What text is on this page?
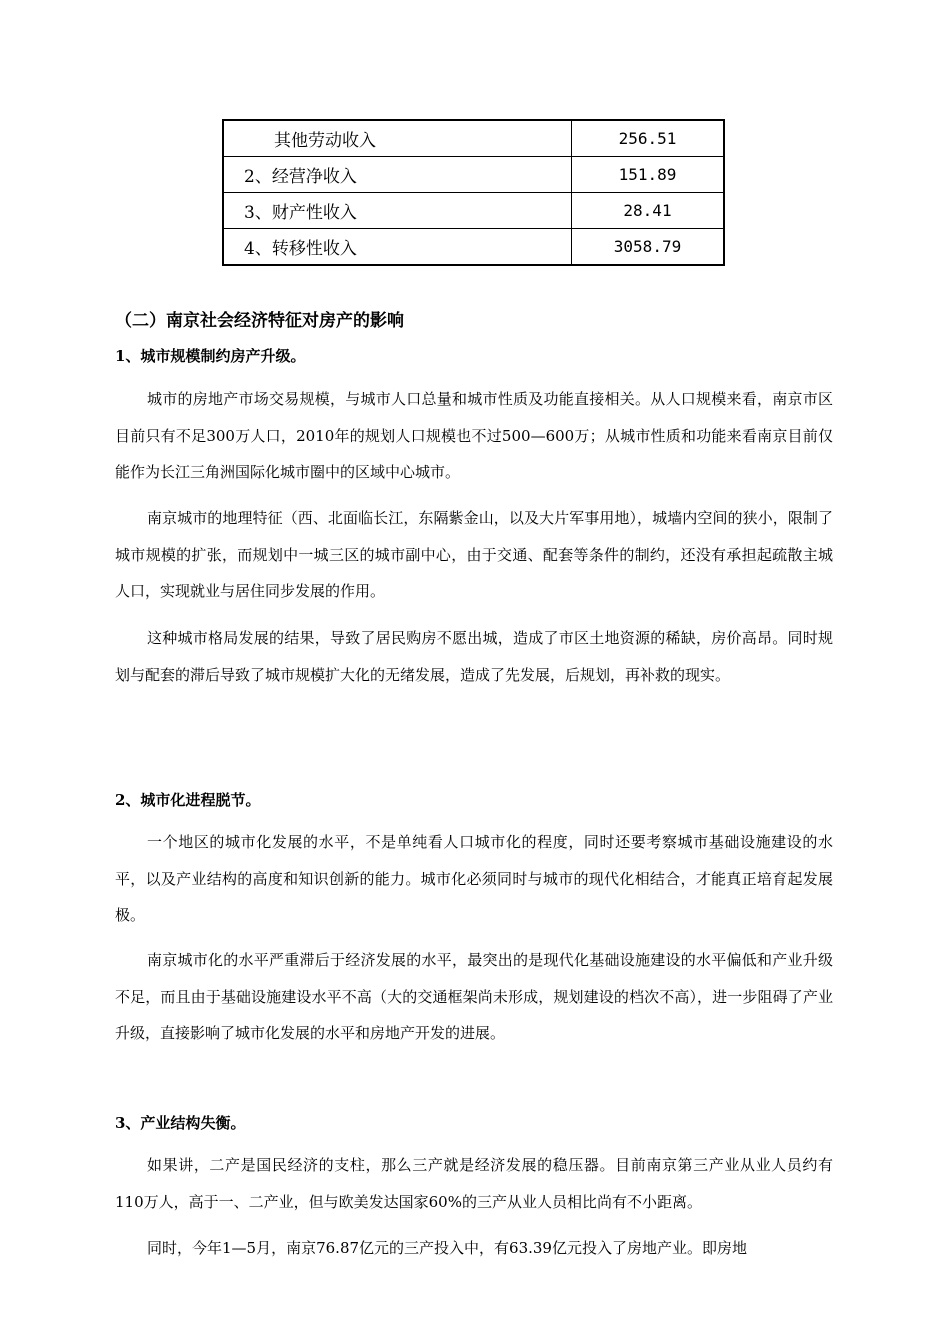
其他劳动收入	256.51
2、经营净收入	151.89
3、财产性收入	28.41
4、转移性收入	3058.79
（二）南京社会经济特征对房产的影响
1、城市规模制约房产升级。

城市的房地产市场交易规模，与城市人口总量和城市性质及功能直接相关。从人口规模来看，南京市区目前只有不足300万人口，2010年的规划人口规模也不过500—600万；从城市性质和功能来看南京目前仅能作为长江三角洲国际化城市圈中的区域中心城市。

南京城市的地理特征（西、北面临长江，东隔紫金山，以及大片军事用地），城墙内空间的狭小，限制了城市规模的扩张，而规划中一城三区的城市副中心，由于交通、配套等条件的制约，还没有承担起疏散主城人口，实现就业与居住同步发展的作用。

这种城市格局发展的结果，导致了居民购房不愿出城，造成了市区土地资源的稀缺，房价高昂。同时规划与配套的滞后导致了城市规模扩大化的无绪发展，造成了先发展，后规划，再补救的现实。

2、城市化进程脱节。

一个地区的城市化发展的水平，不是单纯看人口城市化的程度，同时还要考察城市基础设施建设的水平，以及产业结构的高度和知识创新的能力。城市化必须同时与城市的现代化相结合，才能真正培育起发展极。

南京城市化的水平严重滞后于经济发展的水平，最突出的是现代化基础设施建设的水平偏低和产业升级不足，而且由于基础设施建设水平不高（大的交通框架尚未形成，规划建设的档次不高），进一步阻碍了产业升级，直接影响了城市化发展的水平和房地产开发的进展。

3、产业结构失衡。

如果讲，二产是国民经济的支柱，那么三产就是经济发展的稳压器。目前南京第三产业从业人员约有110万人，高于一、二产业，但与欧美发达国家60%的三产从业人员相比尚有不小距离。

同时，今年1—5月，南京76.87亿元的三产投入中，有63.39亿元投入了房地产业。即房地
